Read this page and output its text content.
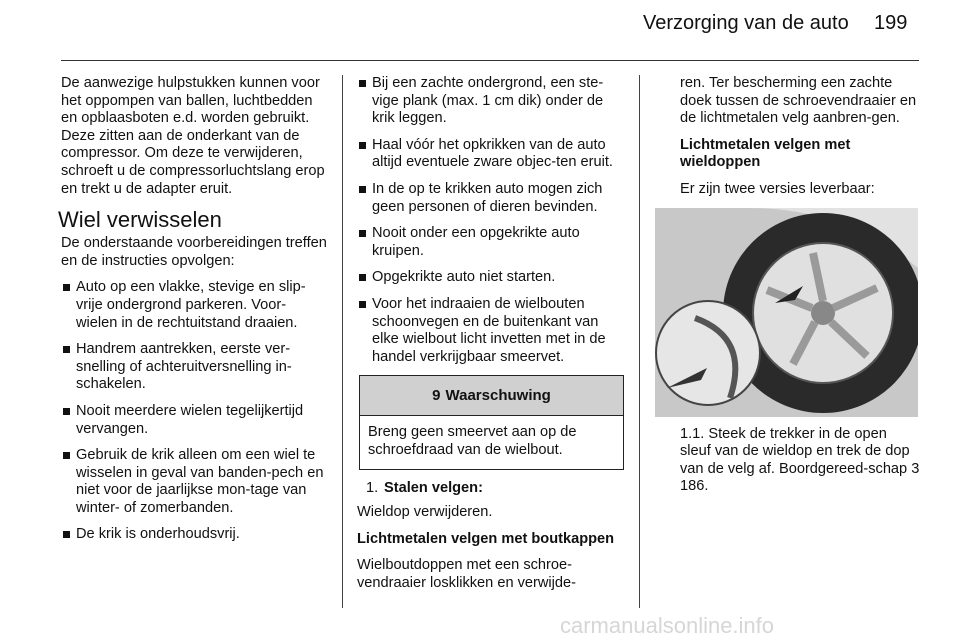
Verzorging van de auto 199

De aanwezige hulpstukken kunnen voor het oppompen van ballen, luchtbedden en opblaasboten e.d. worden gebruikt. Deze zitten aan de onderkant van de compressor. Om deze te verwijderen, schroeft u de compressorluchtslang erop en trekt u de adapter eruit.

Wiel verwisselen

De onderstaande voorbereidingen treffen en de instructies opvolgen:

Auto op een vlakke, stevige en slip-vrije ondergrond parkeren. Voor-wielen in de rechtuitstand draaien.
Handrem aantrekken, eerste ver-snelling of achteruitversnelling in-schakelen.
Nooit meerdere wielen tegelijkertijd vervangen.
Gebruik de krik alleen om een wiel te wisselen in geval van banden-pech en niet voor de jaarlijkse mon-tage van winter- of zomerbanden.
De krik is onderhoudsvrij.
Bij een zachte ondergrond, een ste-vige plank (max. 1 cm dik) onder de krik leggen.
Haal vóór het opkrikken van de auto altijd eventuele zware objec-ten eruit.
In de op te krikken auto mogen zich geen personen of dieren bevinden.
Nooit onder een opgekrikte auto kruipen.
Opgekrikte auto niet starten.
Voor het indraaien de wielbouten schoonvegen en de buitenkant van elke wielbout licht invetten met in de handel verkrijgbaar smeervet.
9 Waarschuwing
Breng geen smeervet aan op de schroefdraad van de wielbout.
1. Stalen velgen:

Wieldop verwijderen.

Lichtmetalen velgen met boutkappen

Wielboutdoppen met een schroe-vendraaier losklikken en verwijde-

ren. Ter bescherming een zachte doek tussen de schroevendraaier en de lichtmetalen velg aanbren-gen.

Lichtmetalen velgen met wieldoppen

Er zijn twee versies leverbaar:

1.1. Steek de trekker in de open sleuf van de wieldop en trek de dop van de velg af. Boordgereed-schap 3 186.

carmanualsonline.info
